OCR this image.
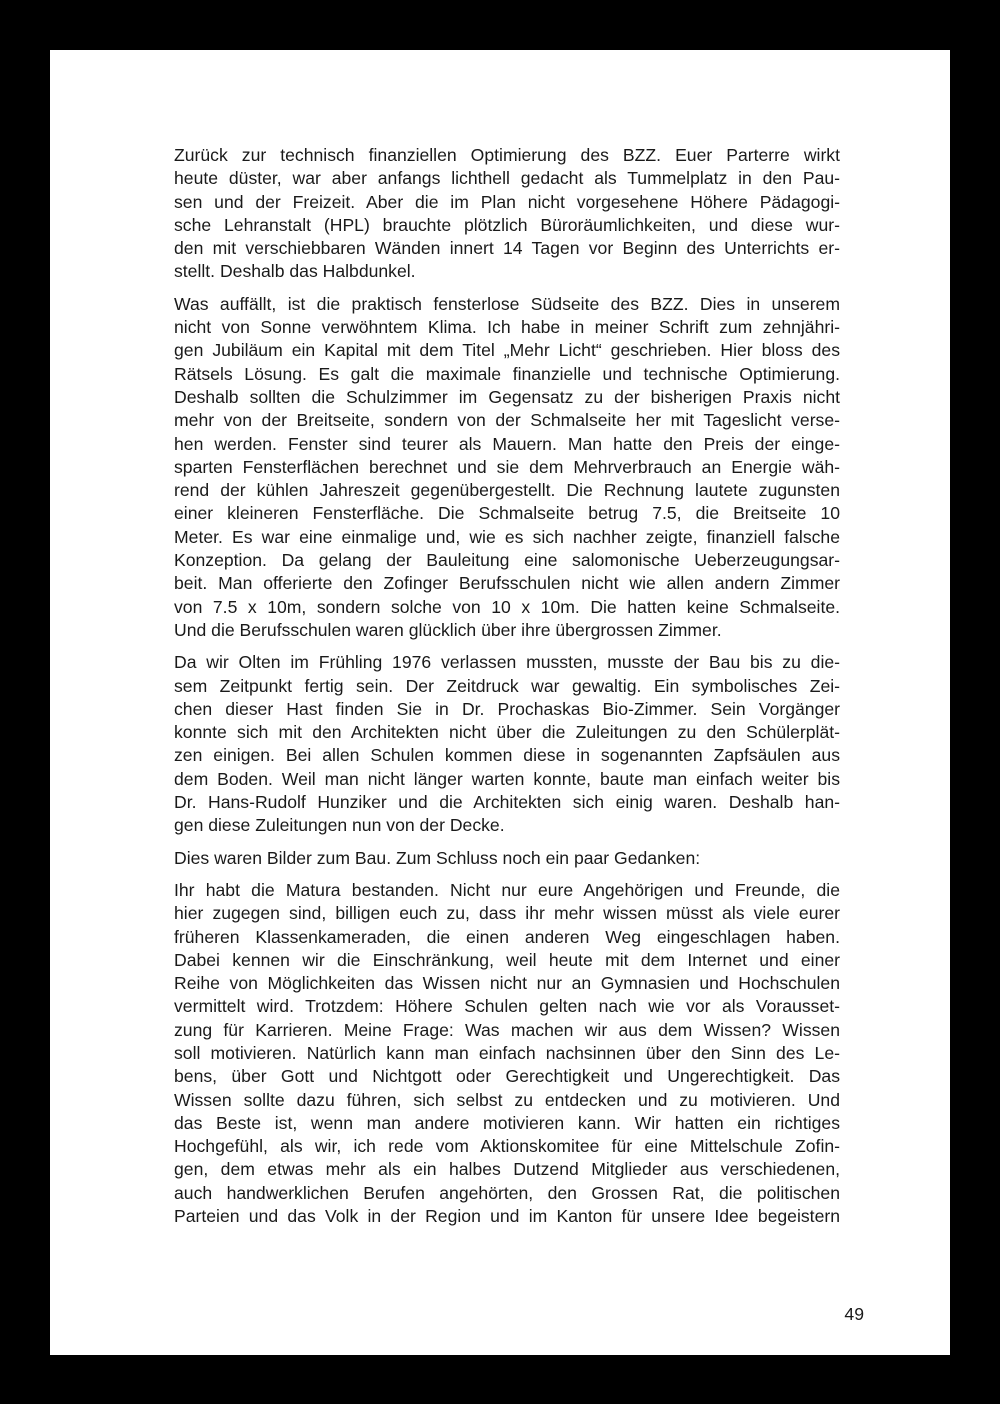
Zurück zur technisch finanziellen Optimierung des BZZ. Euer Parterre wirkt
heute düster, war aber anfangs lichthell gedacht als Tummelplatz in den Pau-
sen und der Freizeit. Aber die im Plan nicht vorgesehene Höhere Pädagogi-
sche Lehranstalt (HPL) brauchte plötzlich Büroräumlichkeiten, und diese wur-
den mit verschiebbaren Wänden innert 14 Tagen vor Beginn des Unterrichts er-
stellt. Deshalb das Halbdunkel.
Was auffällt, ist die praktisch fensterlose Südseite des BZZ. Dies in unserem
nicht von Sonne verwöhntem Klima. Ich habe in meiner Schrift zum zehnjähri-
gen Jubiläum ein Kapital mit dem Titel „Mehr Licht“ geschrieben. Hier bloss des
Rätsels Lösung. Es galt die maximale finanzielle und technische Optimierung.
Deshalb sollten die Schulzimmer im Gegensatz zu der bisherigen Praxis nicht
mehr von der Breitseite, sondern von der Schmalseite her mit Tageslicht verse-
hen werden. Fenster sind teurer als Mauern. Man hatte den Preis der einge-
sparten Fensterflächen berechnet und sie dem Mehrverbrauch an Energie wäh-
rend der kühlen Jahreszeit gegenübergestellt. Die Rechnung lautete zugunsten
einer kleineren Fensterfläche. Die Schmalseite betrug 7.5, die Breitseite 10
Meter. Es war eine einmalige und, wie es sich nachher zeigte, finanziell falsche
Konzeption. Da gelang der Bauleitung eine salomonische Ueberzeugungsar-
beit. Man offerierte den Zofinger Berufsschulen nicht wie allen andern Zimmer
von 7.5 x 10m, sondern solche von 10 x 10m. Die hatten keine Schmalseite.
Und die Berufsschulen waren glücklich über ihre übergrossen Zimmer.
Da wir Olten im Frühling 1976 verlassen mussten, musste der Bau bis zu die-
sem Zeitpunkt fertig sein. Der Zeitdruck war gewaltig. Ein symbolisches Zei-
chen dieser Hast finden Sie in Dr. Prochaskas Bio-Zimmer. Sein Vorgänger
konnte sich mit den Architekten nicht über die Zuleitungen zu den Schülerplät-
zen einigen. Bei allen Schulen kommen diese in sogenannten Zapfsäulen aus
dem Boden. Weil man nicht länger warten konnte, baute man einfach weiter bis
Dr. Hans-Rudolf Hunziker und die Architekten sich einig waren. Deshalb han-
gen diese Zuleitungen nun von der Decke.
Dies waren Bilder zum Bau. Zum Schluss noch ein paar Gedanken:
Ihr habt die Matura bestanden. Nicht nur eure Angehörigen und Freunde, die
hier zugegen sind, billigen euch zu, dass ihr mehr wissen müsst als viele eurer
früheren Klassenkameraden, die einen anderen Weg eingeschlagen haben.
Dabei kennen wir die Einschränkung, weil heute mit dem Internet und einer
Reihe von Möglichkeiten das Wissen nicht nur an Gymnasien und Hochschulen
vermittelt wird. Trotzdem: Höhere Schulen gelten nach wie vor als Vorausset-
zung für Karrieren. Meine Frage: Was machen wir aus dem Wissen? Wissen
soll motivieren. Natürlich kann man einfach nachsinnen über den Sinn des Le-
bens, über Gott und Nichtgott oder Gerechtigkeit und Ungerechtigkeit. Das
Wissen sollte dazu führen, sich selbst zu entdecken und zu motivieren. Und
das Beste ist, wenn man andere motivieren kann. Wir hatten ein richtiges
Hochgefühl, als wir, ich rede vom Aktionskomitee für eine Mittelschule Zofin-
gen, dem etwas mehr als ein halbes Dutzend Mitglieder aus verschiedenen,
auch handwerklichen Berufen angehörten, den Grossen Rat, die politischen
Parteien und das Volk in der Region und im Kanton für unsere Idee begeistern
49
